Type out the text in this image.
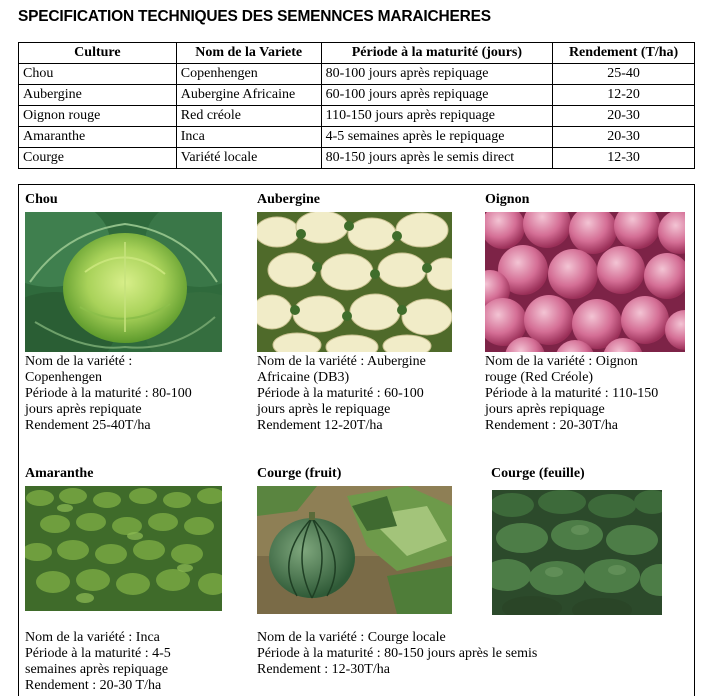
SPECIFICATION TECHNIQUES DES SEMENNCES MARAICHERES
Culture	Nom de la Variete	Période à la maturité (jours)	Rendement (T/ha)
Chou	Copenhengen	80-100 jours après repiquage	25-40
Aubergine	Aubergine Africaine	60-100 jours après repiquage	12-20
Oignon rouge	Red créole	110-150 jours après repiquage	20-30
Amaranthe	Inca	4-5 semaines après le repiquage	20-30
Courge	Variété locale	80-150 jours après le semis direct	12-30
Chou
Nom de la variété :
Copenhengen
Période à la maturité : 80-100
jours après repiquate
Rendement 25-40T/ha
Aubergine
Nom de la variété : Aubergine
Africaine (DB3)
Période à la maturité : 60-100
jours après le repiquage
Rendement 12-20T/ha
Oignon
Nom de la variété : Oignon
rouge (Red Créole)
Période à la maturité : 110-150
jours après repiquage
Rendement : 20-30T/ha
Amaranthe
Nom de la variété : Inca
Période à la maturité : 4-5
semaines après repiquage
Rendement : 20-30 T/ha
Courge (fruit)
Nom de la variété : Courge locale
Période à la maturité : 80-150 jours après le semis
Rendement : 12-30T/ha
Courge (feuille)
